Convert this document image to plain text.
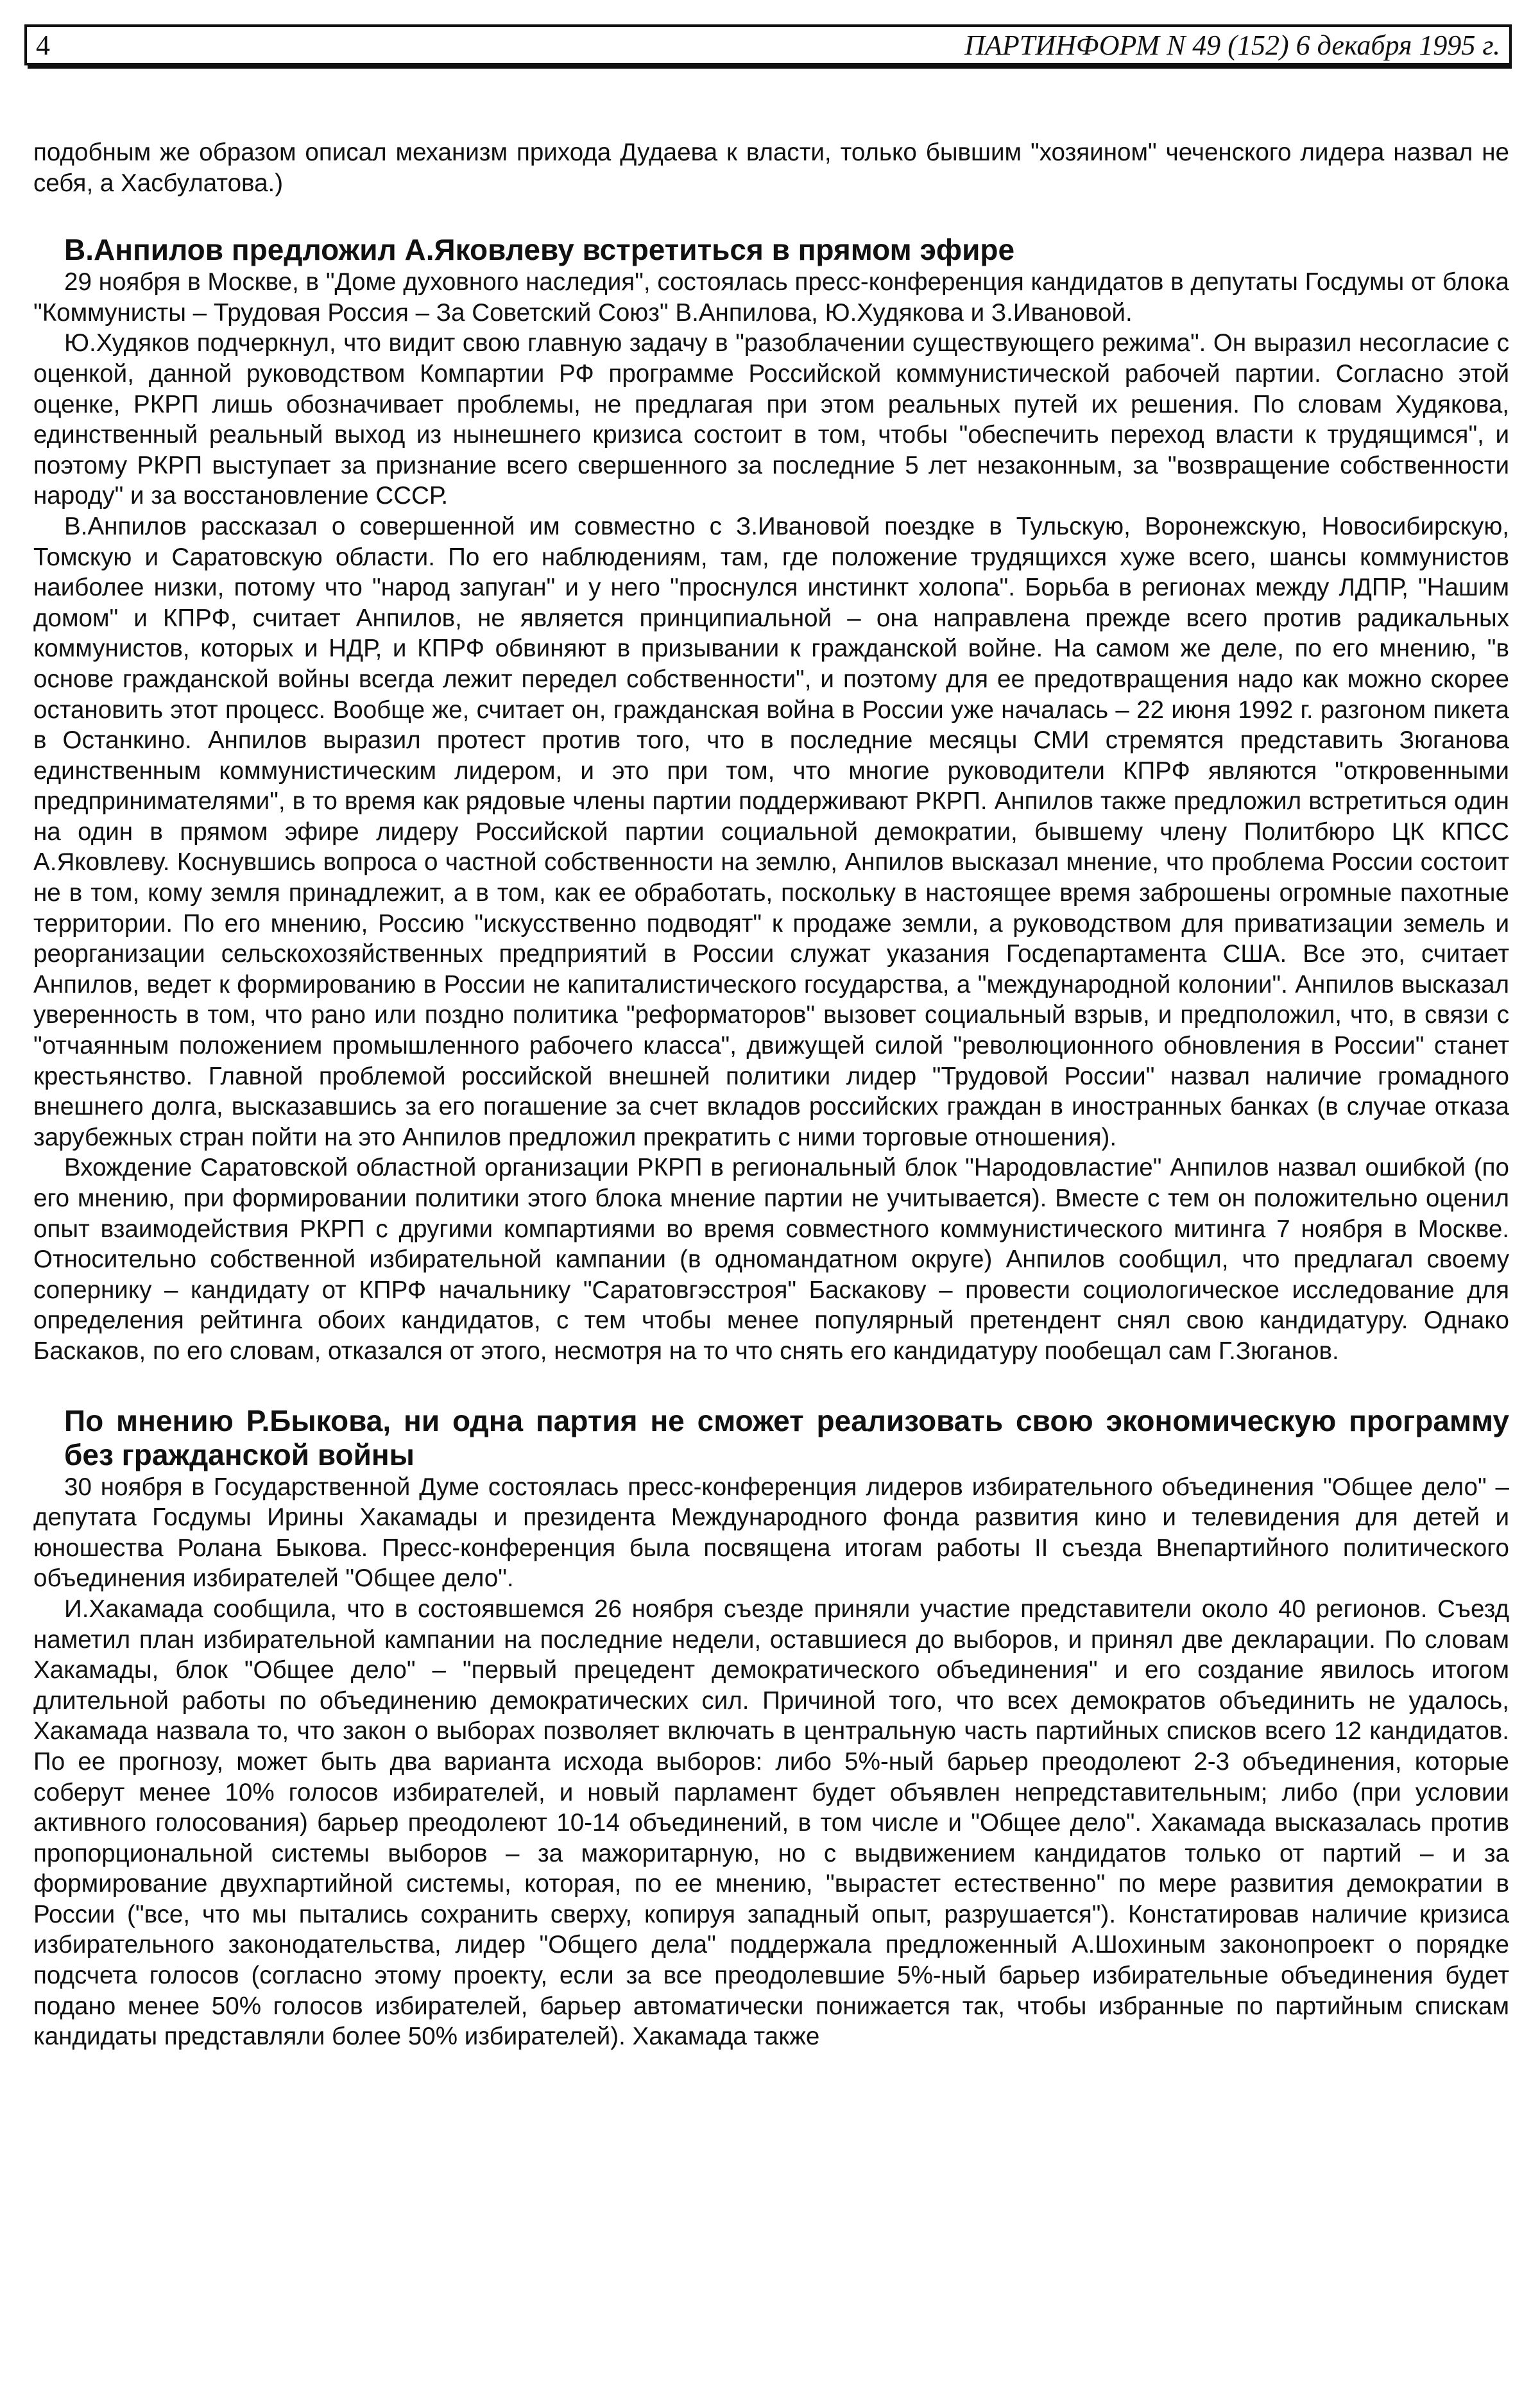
4	ПАРТИНФОРМ N 49 (152) 6 декабря 1995 г.

подобным же образом описал механизм прихода Дудаева к власти, только бывшим "хозяином" чеченского лидера назвал не себя, а Хасбулатова.)

В.Анпилов предложил А.Яковлеву встретиться в прямом эфире

29 ноября в Москве, в "Доме духовного наследия", состоялась пресс-конференция кандидатов в депутаты Госдумы от блока "Коммунисты – Трудовая Россия – За Советский Союз" В.Анпилова, Ю.Худякова и З.Ивановой.

Ю.Худяков подчеркнул, что видит свою главную задачу в "разоблачении существующего режима". Он выразил несогласие с оценкой, данной руководством Компартии РФ программе Российской коммунистической рабочей партии. Согласно этой оценке, РКРП лишь обозначивает проблемы, не предлагая при этом реальных путей их решения. По словам Худякова, единственный реальный выход из нынешнего кризиса состоит в том, чтобы "обеспечить переход власти к трудящимся", и поэтому РКРП выступает за признание всего свершенного за последние 5 лет незаконным, за "возвращение собственности народу" и за восстановление СССР.

В.Анпилов рассказал о совершенной им совместно с З.Ивановой поездке в Тульскую, Воронежскую, Новосибирскую, Томскую и Саратовскую области. По его наблюдениям, там, где положение трудящихся хуже всего, шансы коммунистов наиболее низки, потому что "народ запуган" и у него "проснулся инстинкт холопа". Борьба в регионах между ЛДПР, "Нашим домом" и КПРФ, считает Анпилов, не является принципиальной – она направлена прежде всего против радикальных коммунистов, которых и НДР, и КПРФ обвиняют в призывании к гражданской войне. На самом же деле, по его мнению, "в основе гражданской войны всегда лежит передел собственности", и поэтому для ее предотвращения надо как можно скорее остановить этот процесс. Вообще же, считает он, гражданская война в России уже началась – 22 июня 1992 г. разгоном пикета в Останкино. Анпилов выразил протест против того, что в последние месяцы СМИ стремятся представить Зюганова единственным коммунистическим лидером, и это при том, что многие руководители КПРФ являются "откровенными предпринимателями", в то время как рядовые члены партии поддерживают РКРП. Анпилов также предложил встретиться один на один в прямом эфире лидеру Российской партии социальной демократии, бывшему члену Политбюро ЦК КПСС А.Яковлеву. Коснувшись вопроса о частной собственности на землю, Анпилов высказал мнение, что проблема России состоит не в том, кому земля принадлежит, а в том, как ее обработать, поскольку в настоящее время заброшены огромные пахотные территории. По его мнению, Россию "искусственно подводят" к продаже земли, а руководством для приватизации земель и реорганизации сельскохозяйственных предприятий в России служат указания Госдепартамента США. Все это, считает Анпилов, ведет к формированию в России не капиталистического государства, а "международной колонии". Анпилов высказал уверенность в том, что рано или поздно политика "реформаторов" вызовет социальный взрыв, и предположил, что, в связи с "отчаянным положением промышленного рабочего класса", движущей силой "революционного обновления в России" станет крестьянство. Главной проблемой российской внешней политики лидер "Трудовой России" назвал наличие громадного внешнего долга, высказавшись за его погашение за счет вкладов российских граждан в иностранных банках (в случае отказа зарубежных стран пойти на это Анпилов предложил прекратить с ними торговые отношения).

Вхождение Саратовской областной организации РКРП в региональный блок "Народовластие" Анпилов назвал ошибкой (по его мнению, при формировании политики этого блока мнение партии не учитывается). Вместе с тем он положительно оценил опыт взаимодействия РКРП с другими компартиями во время совместного коммунистического митинга 7 ноября в Москве. Относительно собственной избирательной кампании (в одномандатном округе) Анпилов сообщил, что предлагал своему сопернику – кандидату от КПРФ начальнику "Саратовгэсстроя" Баскакову – провести социологическое исследование для определения рейтинга обоих кандидатов, с тем чтобы менее популярный претендент снял свою кандидатуру. Однако Баскаков, по его словам, отказался от этого, несмотря на то что снять его кандидатуру пообещал сам Г.Зюганов.

По мнению Р.Быкова, ни одна партия не сможет реализовать свою экономическую программу без гражданской войны

30 ноября в Государственной Думе состоялась пресс-конференция лидеров избирательного объединения "Общее дело" – депутата Госдумы Ирины Хакамады и президента Международного фонда развития кино и телевидения для детей и юношества Ролана Быкова. Пресс-конференция была посвящена итогам работы II съезда Внепартийного политического объединения избирателей "Общее дело".

И.Хакамада сообщила, что в состоявшемся 26 ноября съезде приняли участие представители около 40 регионов. Съезд наметил план избирательной кампании на последние недели, оставшиеся до выборов, и принял две декларации. По словам Хакамады, блок "Общее дело" – "первый прецедент демократического объединения" и его создание явилось итогом длительной работы по объединению демократических сил. Причиной того, что всех демократов объединить не удалось, Хакамада назвала то, что закон о выборах позволяет включать в центральную часть партийных списков всего 12 кандидатов. По ее прогнозу, может быть два варианта исхода выборов: либо 5%-ный барьер преодолеют 2-3 объединения, которые соберут менее 10% голосов избирателей, и новый парламент будет объявлен непредставительным; либо (при условии активного голосования) барьер преодолеют 10-14 объединений, в том числе и "Общее дело". Хакамада высказалась против пропорциональной системы выборов – за мажоритарную, но с выдвижением кандидатов только от партий – и за формирование двухпартийной системы, которая, по ее мнению, "вырастет естественно" по мере развития демократии в России ("все, что мы пытались сохранить сверху, копируя западный опыт, разрушается"). Констатировав наличие кризиса избирательного законодательства, лидер "Общего дела" поддержала предложенный А.Шохиным законопроект о порядке подсчета голосов (согласно этому проекту, если за все преодолевшие 5%-ный барьер избирательные объединения будет подано менее 50% голосов избирателей, барьер автоматически понижается так, чтобы избранные по партийным спискам кандидаты представляли более 50% избирателей). Хакамада также
